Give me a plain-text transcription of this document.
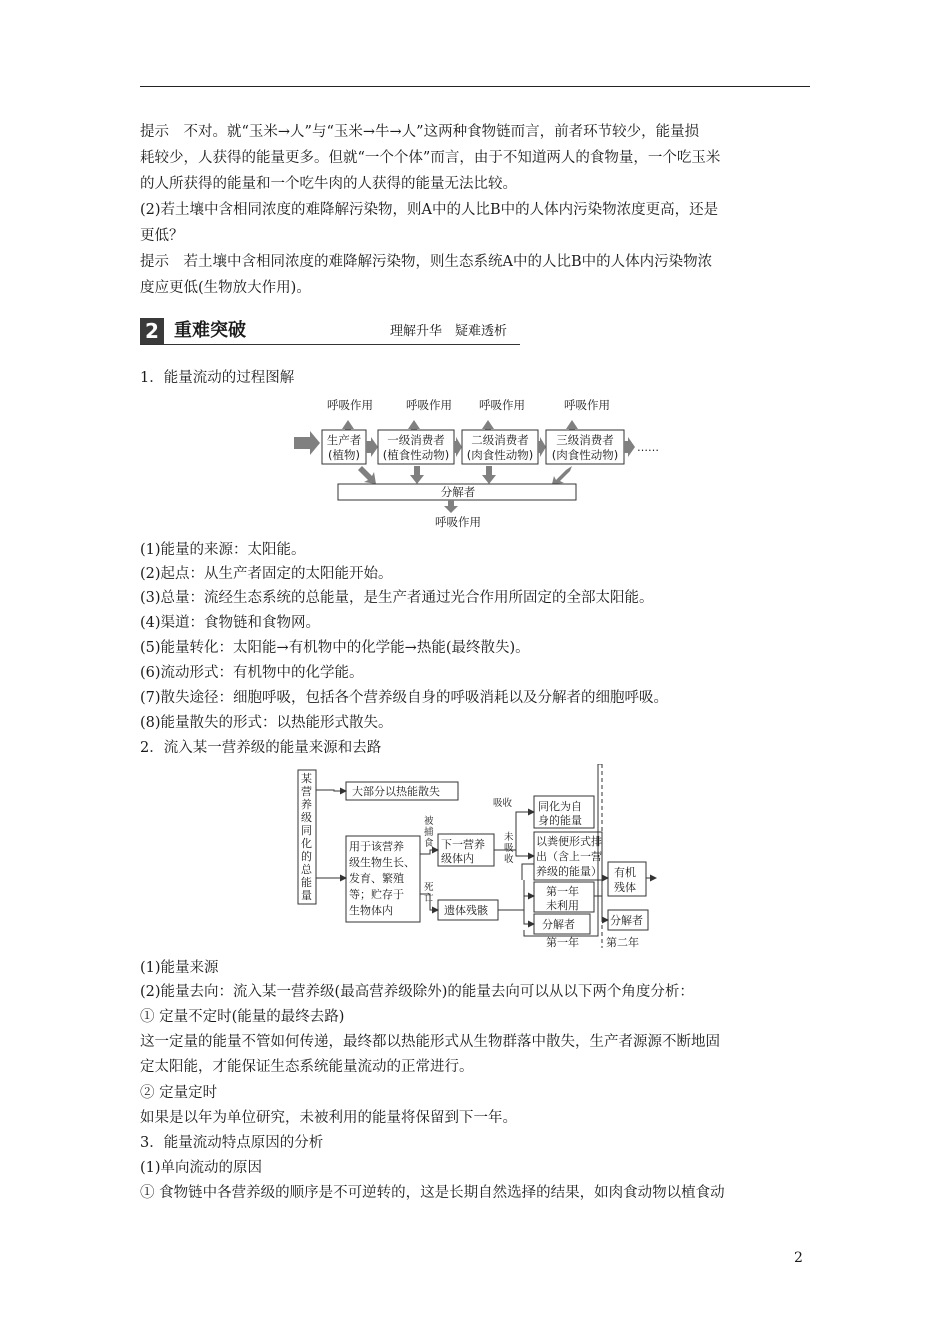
提示　不对。就“玉米→人”与“玉米→牛→人”这两种食物链而言，前者环节较少，能量损
耗较少，人获得的能量更多。但就“一个个体”而言，由于不知道两人的食物量，一个吃玉米
的人所获得的能量和一个吃牛肉的人获得的能量无法比较。
(2)若土壤中含相同浓度的难降解污染物，则A中的人比B中的人体内污染物浓度更高，还是
更低？
提示　若土壤中含相同浓度的难降解污染物，则生态系统A中的人比B中的人体内污染物浓
度应更低(生物放大作用)。
2 重难突破	理解升华　疑难透析
1．能量流动的过程图解
呼吸作用	呼吸作用 呼吸作用	呼吸作用
生产者
(植物)
一级消费者
(植食性动物)
二级消费者
(肉食性动物)
三级消费者
(肉食性动物)
……
分解者
呼吸作用
(1)能量的来源：太阳能。
(2)起点：从生产者固定的太阳能开始。
(3)总量：流经生态系统的总能量，是生产者通过光合作用所固定的全部太阳能。
(4)渠道：食物链和食物网。
(5)能量转化：太阳能→有机物中的化学能→热能(最终散失)。
(6)流动形式：有机物中的化学能。
(7)散失途径：细胞呼吸，包括各个营养级自身的呼吸消耗以及分解者的细胞呼吸。
(8)能量散失的形式：以热能形式散失。
2．流入某一营养级的能量来源和去路
某
营
养
级
同
化
的
总
能
量
大部分以热能散失
用于该营养
级生物生长、
发育、繁殖
等；贮存于
生物体内
下一营养
级体内
同化为自
身的能量
以粪便形式排
出（含上一营
养级的能量）
遗体残骸
第一年
未利用
分解者
第一年
有机
残体
分解者
第二年
被
捕
食
吸收
未
吸
收
死
亡
(1)能量来源
(2)能量去向：流入某一营养级(最高营养级除外)的能量去向可以从以下两个角度分析：
① 定量不定时(能量的最终去路)
这一定量的能量不管如何传递，最终都以热能形式从生物群落中散失，生产者源源不断地固
定太阳能，才能保证生态系统能量流动的正常进行。
② 定量定时
如果是以年为单位研究，未被利用的能量将保留到下一年。
3．能量流动特点原因的分析
(1)单向流动的原因
① 食物链中各营养级的顺序是不可逆转的，这是长期自然选择的结果，如肉食动物以植食动
2
